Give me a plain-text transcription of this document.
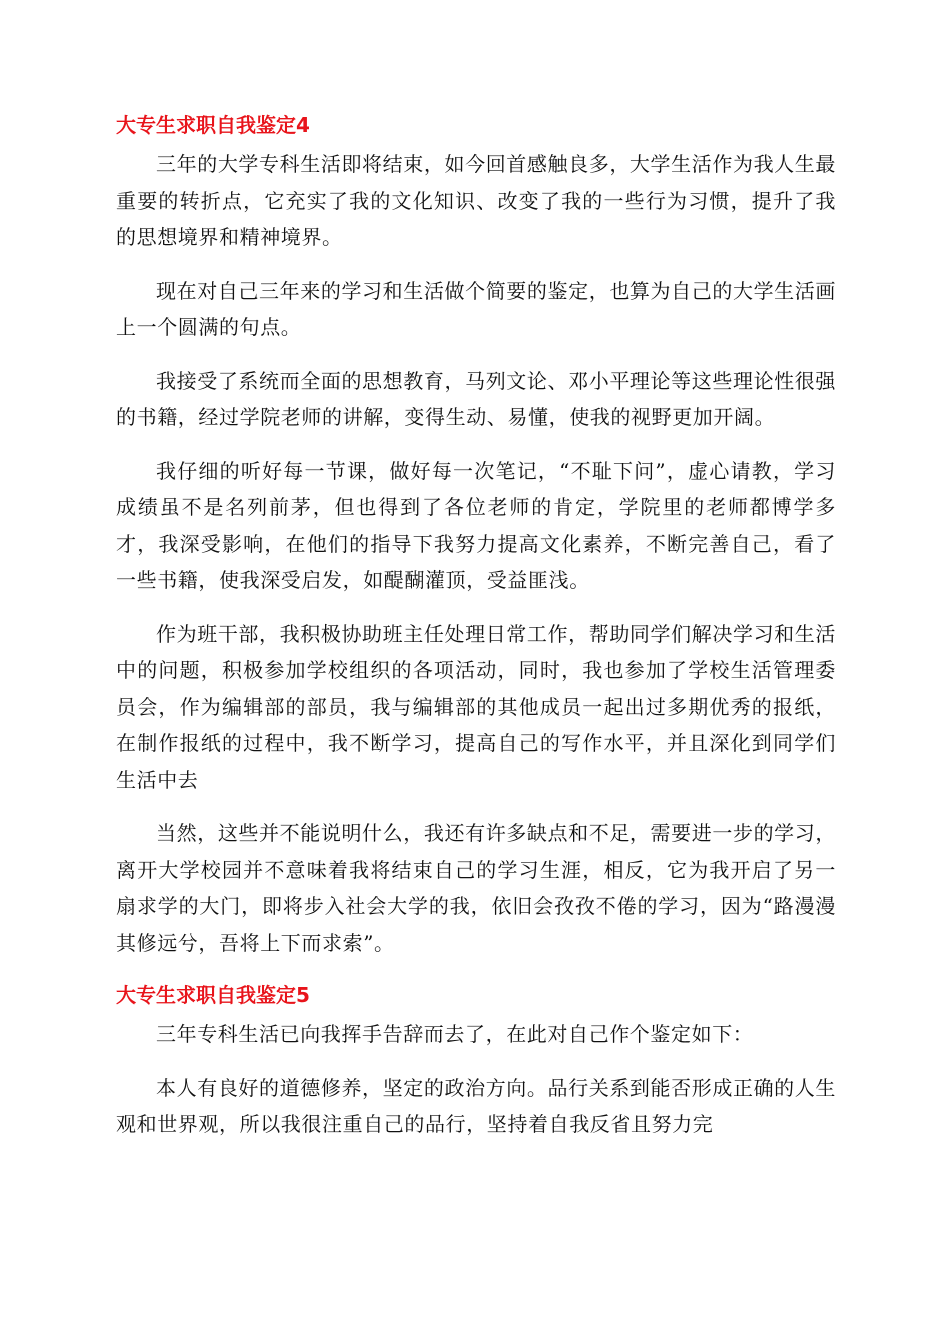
大专生求职自我鉴定4

三年的大学专科生活即将结束，如今回首感触良多，大学生活作为我人生最重要的转折点，它充实了我的文化知识、改变了我的一些行为习惯，提升了我的思想境界和精神境界。

现在对自己三年来的学习和生活做个简要的鉴定，也算为自己的大学生活画上一个圆满的句点。

我接受了系统而全面的思想教育，马列文论、邓小平理论等这些理论性很强的书籍，经过学院老师的讲解，变得生动、易懂，使我的视野更加开阔。

我仔细的听好每一节课，做好每一次笔记，“不耻下问”，虚心请教，学习成绩虽不是名列前茅，但也得到了各位老师的肯定，学院里的老师都博学多才，我深受影响，在他们的指导下我努力提高文化素养，不断完善自己，看了一些书籍，使我深受启发，如醍醐灌顶，受益匪浅。

作为班干部，我积极协助班主任处理日常工作，帮助同学们解决学习和生活中的问题，积极参加学校组织的各项活动，同时，我也参加了学校生活管理委员会，作为编辑部的部员，我与编辑部的其他成员一起出过多期优秀的报纸，在制作报纸的过程中，我不断学习，提高自己的写作水平，并且深化到同学们生活中去

当然，这些并不能说明什么，我还有许多缺点和不足，需要进一步的学习，离开大学校园并不意味着我将结束自己的学习生涯，相反，它为我开启了另一扇求学的大门，即将步入社会大学的我，依旧会孜孜不倦的学习，因为“路漫漫其修远兮，吾将上下而求索”。

大专生求职自我鉴定5

三年专科生活已向我挥手告辞而去了，在此对自己作个鉴定如下：

本人有良好的道德修养，坚定的政治方向。品行关系到能否形成正确的人生观和世界观，所以我很注重自己的品行，坚持着自我反省且努力完
